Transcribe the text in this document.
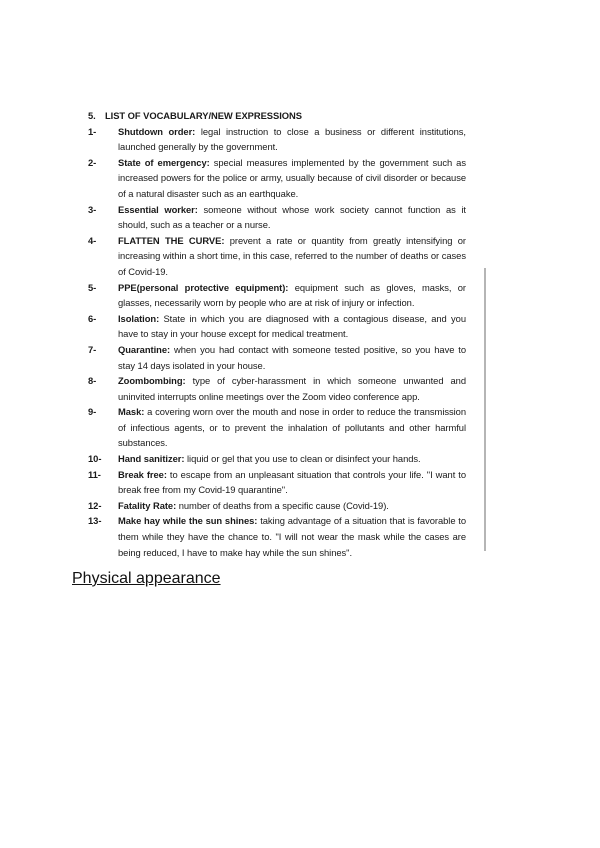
5. LIST OF VOCABULARY/NEW EXPRESSIONS
1-	Shutdown order: legal instruction to close a business or different institutions, launched generally by the government.
2-	State of emergency: special measures implemented by the government such as increased powers for the police or army, usually because of civil disorder or because of a natural disaster such as an earthquake.
3-	Essential worker: someone without whose work society cannot function as it should, such as a teacher or a nurse.
4-	FLATTEN THE CURVE: prevent a rate or quantity from greatly intensifying or increasing within a short time, in this case, referred to the number of deaths or cases of Covid-19.
5-	PPE(personal protective equipment): equipment such as gloves, masks, or glasses, necessarily worn by people who are at risk of injury or infection.
6-	Isolation: State in which you are diagnosed with a contagious disease, and you have to stay in your house except for medical treatment.
7-	Quarantine: when you had contact with someone tested positive, so you have to stay 14 days isolated in your house.
8-	Zoombombing: type of cyber-harassment in which someone unwanted and uninvited interrupts online meetings over the Zoom video conference app.
9-	Mask: a covering worn over the mouth and nose in order to reduce the transmission of infectious agents, or to prevent the inhalation of pollutants and other harmful substances.
10-	Hand sanitizer: liquid or gel that you use to clean or disinfect your hands.
11-	Break free: to escape from an unpleasant situation that controls your life. "I want to break free from my Covid-19 quarantine".
12-	Fatality Rate: number of deaths from a specific cause (Covid-19).
13-	Make hay while the sun shines: taking advantage of a situation that is favorable to them while they have the chance to. "I will not wear the mask while the cases are being reduced, I have to make hay while the sun shines".
Physical appearance
